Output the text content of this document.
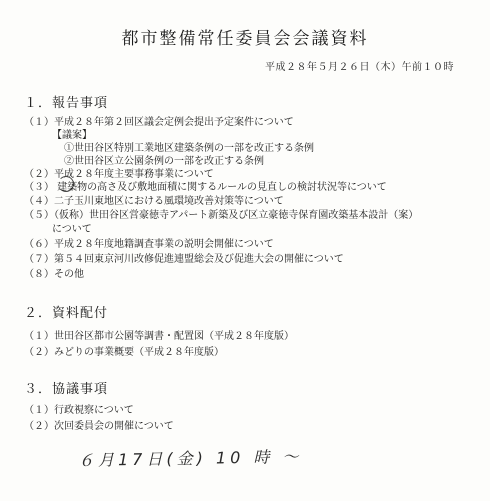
都市整備常任委員会会議資料
平成２８年５月２６日（木）午前１０時
１．報告事項
（１）平成２８年第２回区議会定例会提出予定案件について
【議案】
①世田谷区特別工業地区建築条例の一部を改正する条例
②世田谷区立公園条例の一部を改正する条例
（２）平成２８年度主要事務事業について
（３） 建築物の高さ及び敷地面積に関するルールの見直しの検討状況等について
（４）二子玉川東地区における風環境改善対策等について
（５）（仮称）世田谷区営豪徳寺アパート新築及び区立豪徳寺保育園改築基本設計（案）
について
（６）平成２８年度地籍調査事業の説明会開催について
（７）第５４回東京河川改修促進連盟総会及び促進大会の開催について
（８）その他
２．資料配付
（１）世田谷区都市公園等調書・配置図（平成２８年度版）
（２）みどりの事業概要（平成２８年度版）
３．協議事項
（１）行政視察について
（２）次回委員会の開催について
６月17日(金) 10 時 ～
